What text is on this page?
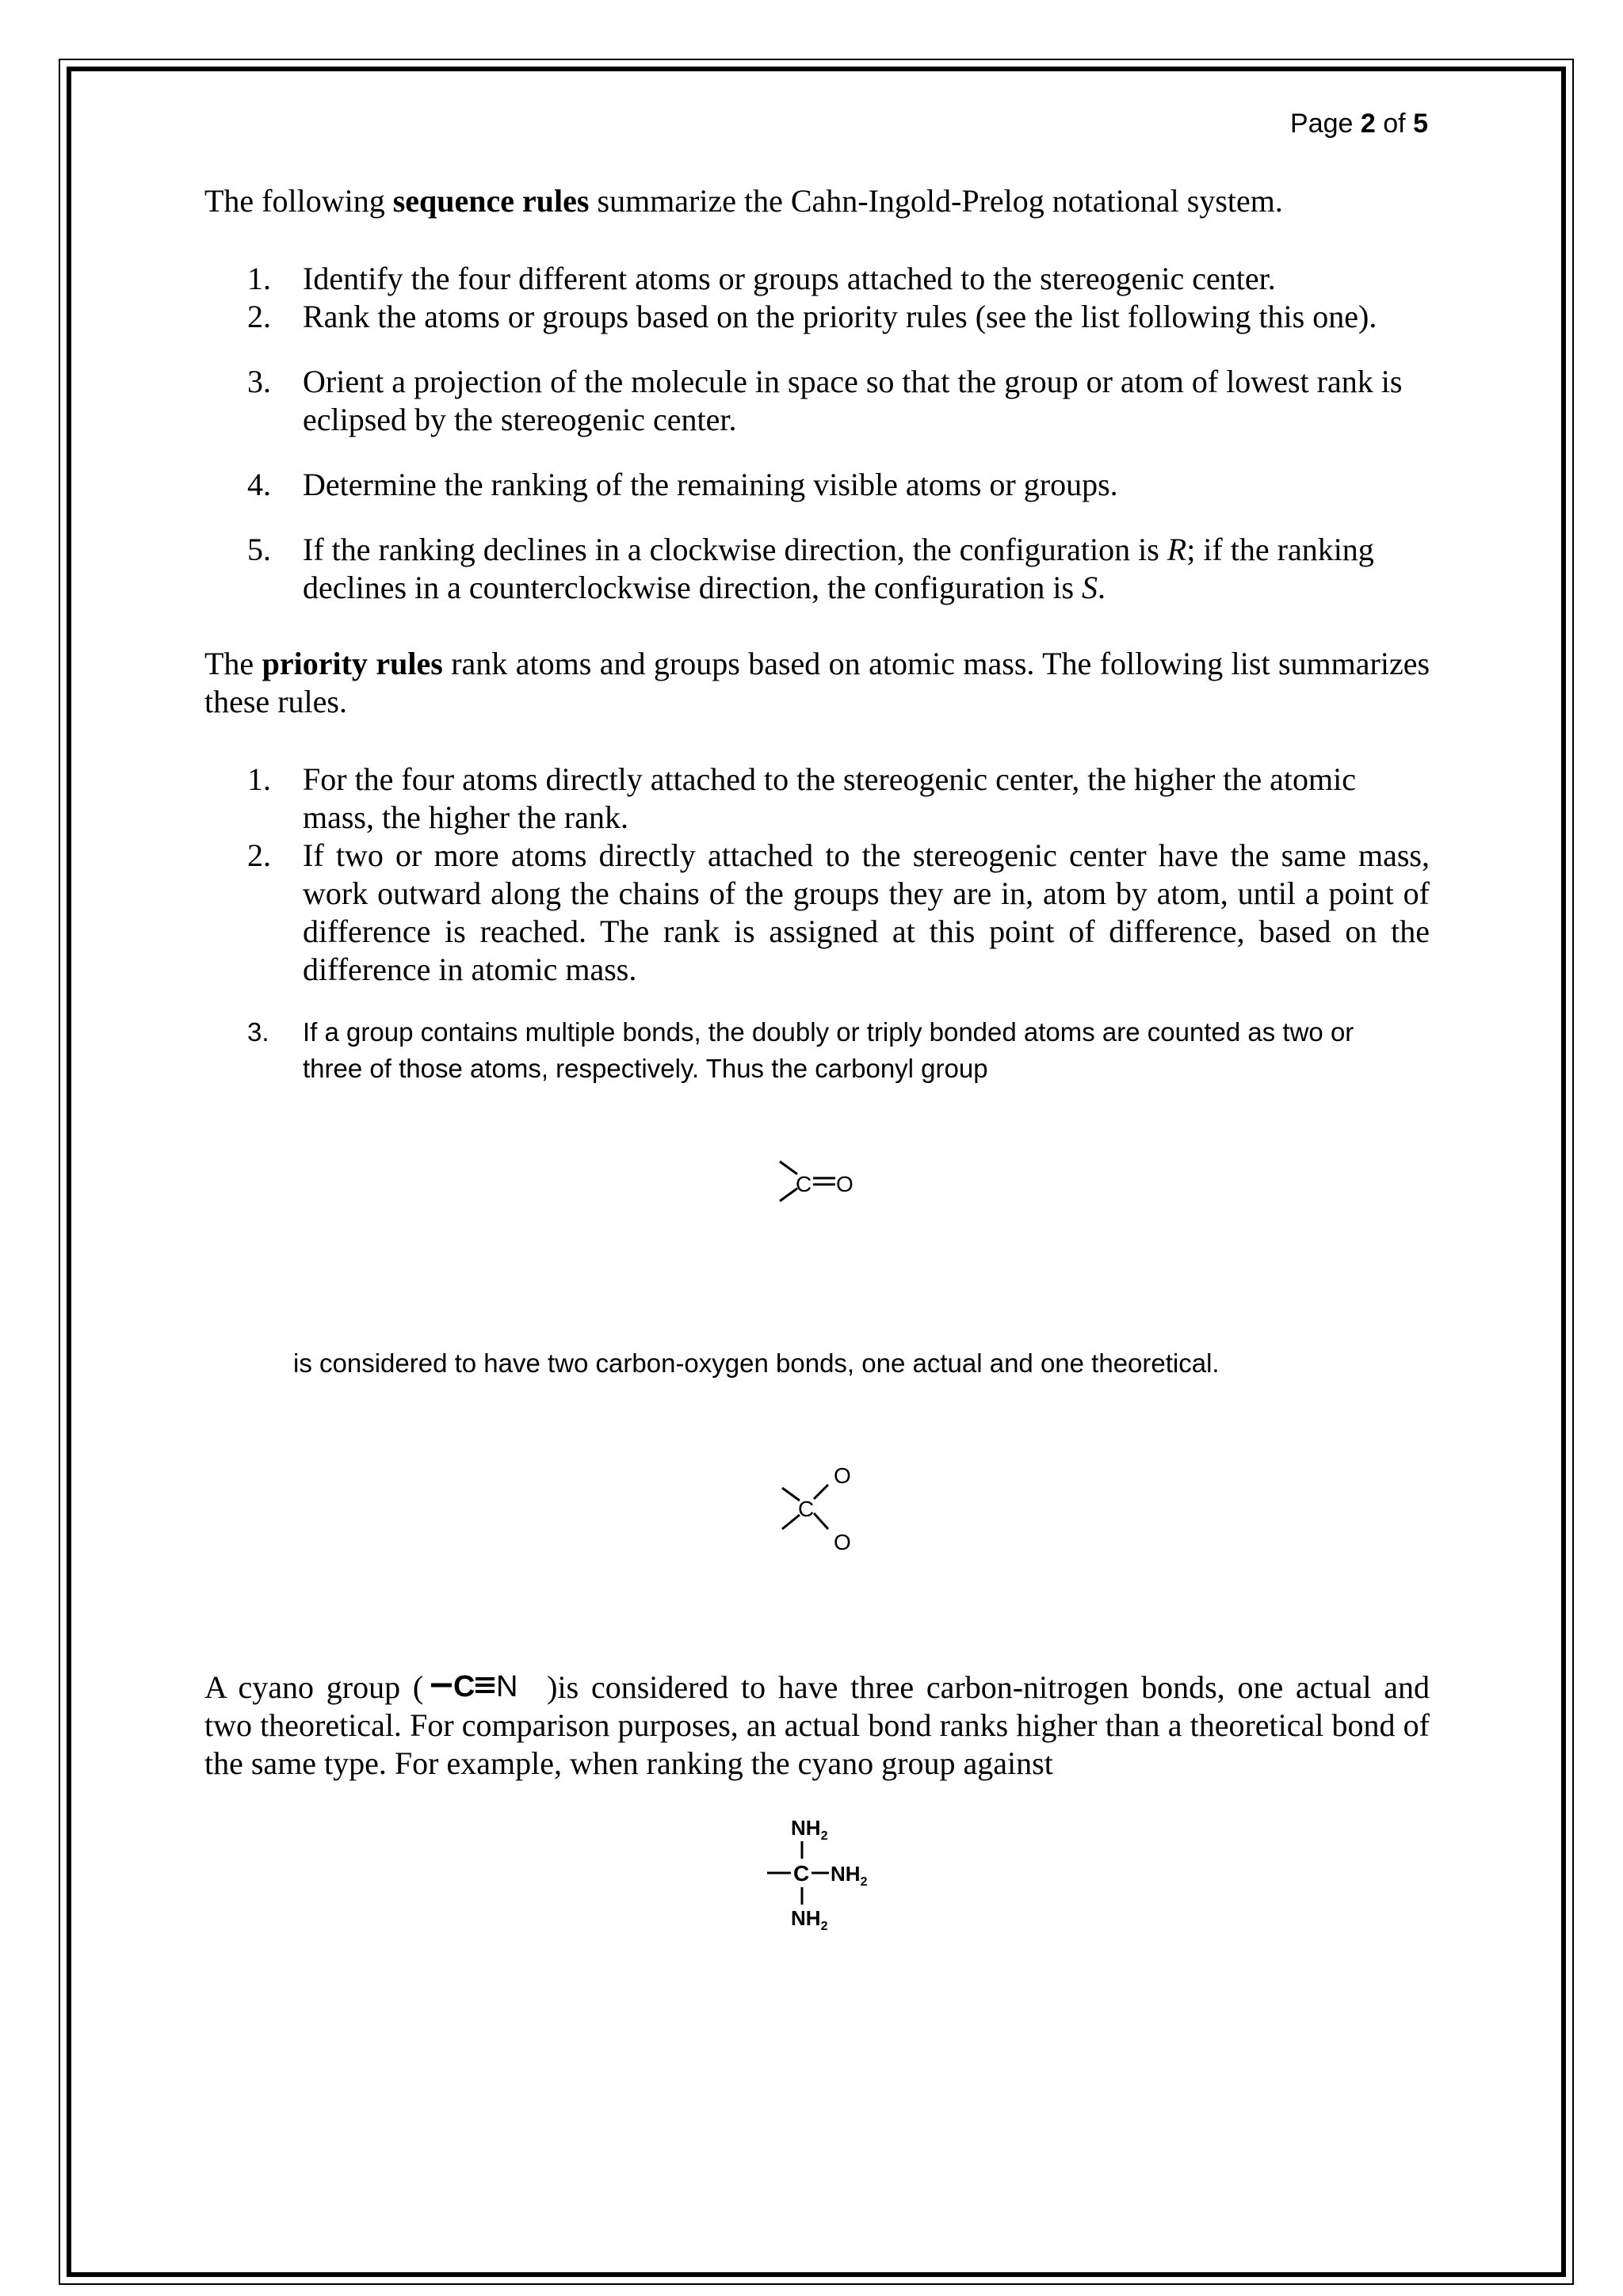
Page 2 of 5
The following sequence rules summarize the Cahn-Ingold-Prelog notational system.
1.	Identify the four different atoms or groups attached to the stereogenic center.
2.	Rank the atoms or groups based on the priority rules (see the list following this one).
3.	Orient a projection of the molecule in space so that the group or atom of lowest rank is eclipsed by the stereogenic center.
4.	Determine the ranking of the remaining visible atoms or groups.
5.	If the ranking declines in a clockwise direction, the configuration is R; if the ranking declines in a counterclockwise direction, the configuration is S.
The priority rules rank atoms and groups based on atomic mass. The following list summarizes these rules.
1.	For the four atoms directly attached to the stereogenic center, the higher the atomic mass, the higher the rank.
2.	If two or more atoms directly attached to the stereogenic center have the same mass, work outward along the chains of the groups they are in, atom by atom, until a point of difference is reached. The rank is assigned at this point of difference, based on the difference in atomic mass.
3.	If a group contains multiple bonds, the doubly or triply bonded atoms are counted as two or three of those atoms, respectively. Thus the carbonyl group
C O
is considered to have two carbon-oxygen bonds, one actual and one theoretical.
C
O
O
A cyano group ( C N )is considered to have three carbon-nitrogen bonds, one actual and two theoretical. For comparison purposes, an actual bond ranks higher than a theoretical bond of the same type. For example, when ranking the cyano group against
$NH_2$
C $NH_2$
$NH_2$
